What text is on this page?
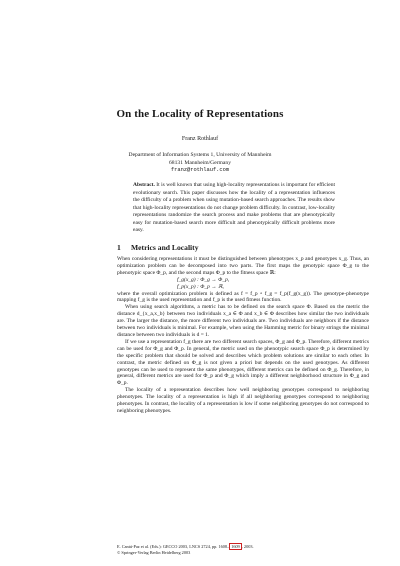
On the Locality of Representations
Franz Rothlauf
Department of Information Systems 1, University of Mannheim
68131 Mannheim/Germany
franz@rothlauf.com
Abstract. It is well known that using high-locality representations is important for efficient evolutionary search. This paper discusses how the locality of a representation influences the difficulty of a problem when using mutation-based search approaches. The results show that high-locality representations do not change problem difficulty. In contrast, low-locality representations randomize the search process and make problems that are phenotypically easy for mutation-based search more difficult and phenotypically difficult problems more easy.
1 Metrics and Locality

When considering representations it must be distinguished between phenotypes x_p and genotypes x_g. Thus, an optimization problem can be decomposed into two parts. The first maps the genotypic space Φ_g to the phenotypic space Φ_p, and the second maps Φ_p to the fitness space ℝ:

f_g(x_g) : Φ_g → Φ_p,

f_p(x_p) : Φ_p → ℝ,

where the overall optimization problem is defined as f = f_p ∘ f_g = f_p(f_g(x_g)). The genotype-phenotype mapping f_g is the used representation and f_p is the used fitness function.

When using search algorithms, a metric has to be defined on the search space Φ. Based on the metric the distance d_{x_a,x_b} between two individuals x_a ∈ Φ and x_b ∈ Φ describes how similar the two individuals are. The larger the distance, the more different two individuals are. Two individuals are neighbors if the distance between two individuals is minimal. For example, when using the Hamming metric for binary strings the minimal distance between two individuals is d = 1.

If we use a representation f_g there are two different search spaces, Φ_g and Φ_p. Therefore, different metrics can be used for Φ_g and Φ_p. In general, the metric used on the phenotypic search space Φ_p is determined by the specific problem that should be solved and describes which problem solutions are similar to each other. In contrast, the metric defined on Φ_g is not given a priori but depends on the used genotypes. As different genotypes can be used to represent the same phenotypes, different metrics can be defined on Φ_g. Therefore, in general, different metrics are used for Φ_p and Φ_g which imply a different neighborhood structure in Φ_g and Φ_p.

The locality of a representation describes how well neighboring genotypes correspond to neighboring phenotypes. The locality of a representation is high if all neighboring genotypes correspond to neighboring phenotypes. In contrast, the locality of a representation is low if some neighboring genotypes do not correspond to neighboring phenotypes.

E. Cantú-Paz et al. (Eds.): GECCO 2003, LNCS 2724, pp. 1608– 1609 , 2003.
© Springer-Verlag Berlin Heidelberg 2003
